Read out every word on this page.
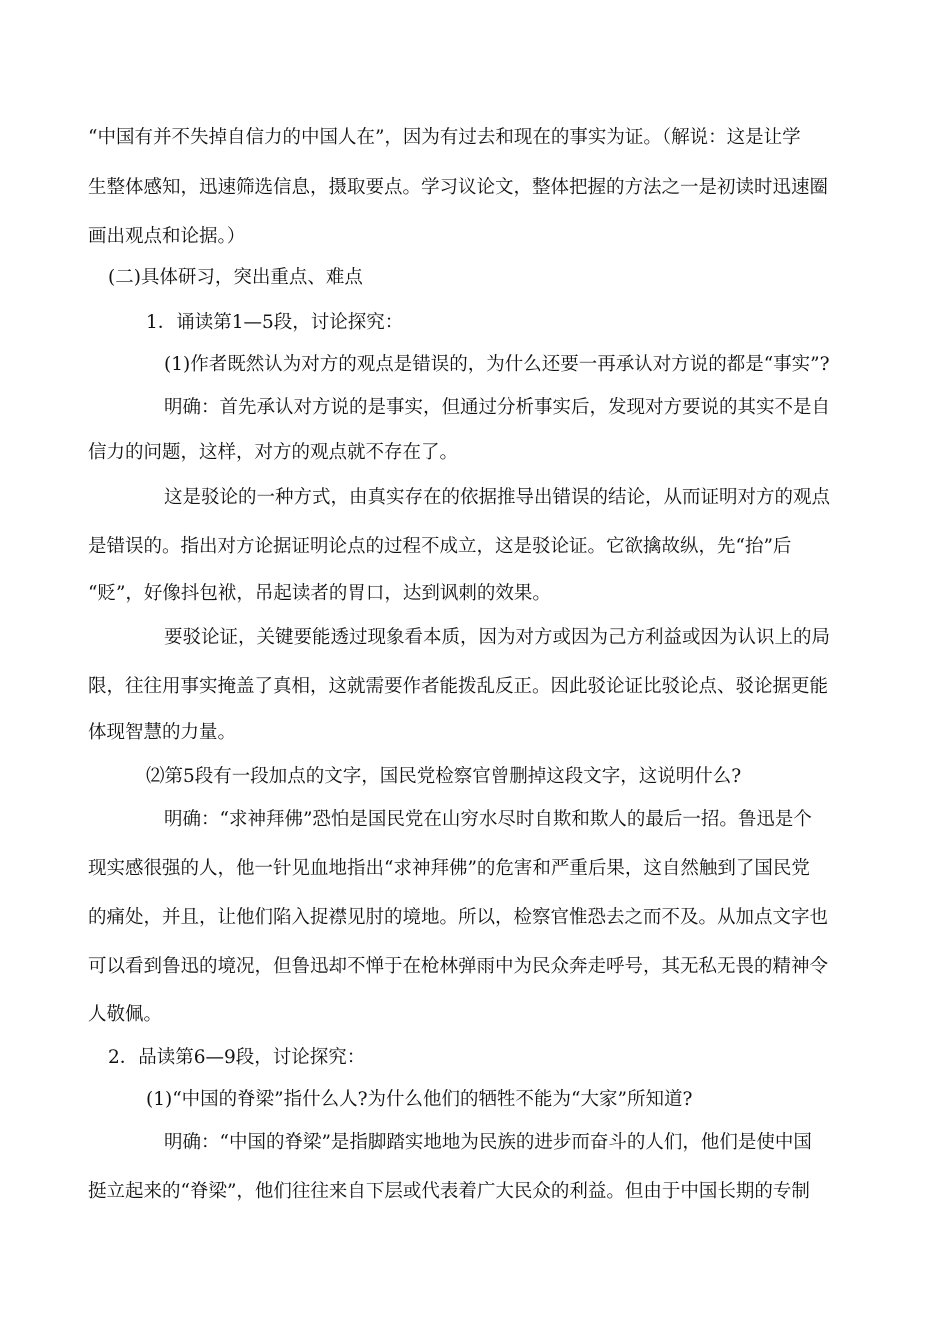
“中国有并不失掉自信力的中国人在”，因为有过去和现在的事实为证。（解说：这是让学

生整体感知，迅速筛选信息，摄取要点。学习议论文，整体把握的方法之一是初读时迅速圈

画出观点和论据。）

(二)具体研习，突出重点、难点

1．诵读第1—5段，讨论探究：

(1)作者既然认为对方的观点是错误的，为什么还要一再承认对方说的都是“事实”?

明确：首先承认对方说的是事实，但通过分析事实后，发现对方要说的其实不是自

信力的问题，这样，对方的观点就不存在了。

这是驳论的一种方式，由真实存在的依据推导出错误的结论，从而证明对方的观点

是错误的。指出对方论据证明论点的过程不成立，这是驳论证。它欲擒故纵，先“抬”后

“贬”，好像抖包袱，吊起读者的胃口，达到讽刺的效果。

要驳论证，关键要能透过现象看本质，因为对方或因为己方利益或因为认识上的局

限，往往用事实掩盖了真相，这就需要作者能拨乱反正。因此驳论证比驳论点、驳论据更能

体现智慧的力量。

⑵第5段有一段加点的文字，国民党检察官曾删掉这段文字，这说明什么?

明确：“求神拜佛”恐怕是国民党在山穷水尽时自欺和欺人的最后一招。鲁迅是个

现实感很强的人，他一针见血地指出“求神拜佛”的危害和严重后果，这自然触到了国民党

的痛处，并且，让他们陷入捉襟见肘的境地。所以，检察官惟恐去之而不及。从加点文字也

可以看到鲁迅的境况，但鲁迅却不惮于在枪林弹雨中为民众奔走呼号，其无私无畏的精神令

人敬佩。

2．品读第6—9段，讨论探究：

(1)“中国的脊梁”指什么人?为什么他们的牺牲不能为“大家”所知道?

明确：“中国的脊梁”是指脚踏实地地为民族的进步而奋斗的人们，他们是使中国

挺立起来的“脊梁”，他们往往来自下层或代表着广大民众的利益。但由于中国长期的专制
